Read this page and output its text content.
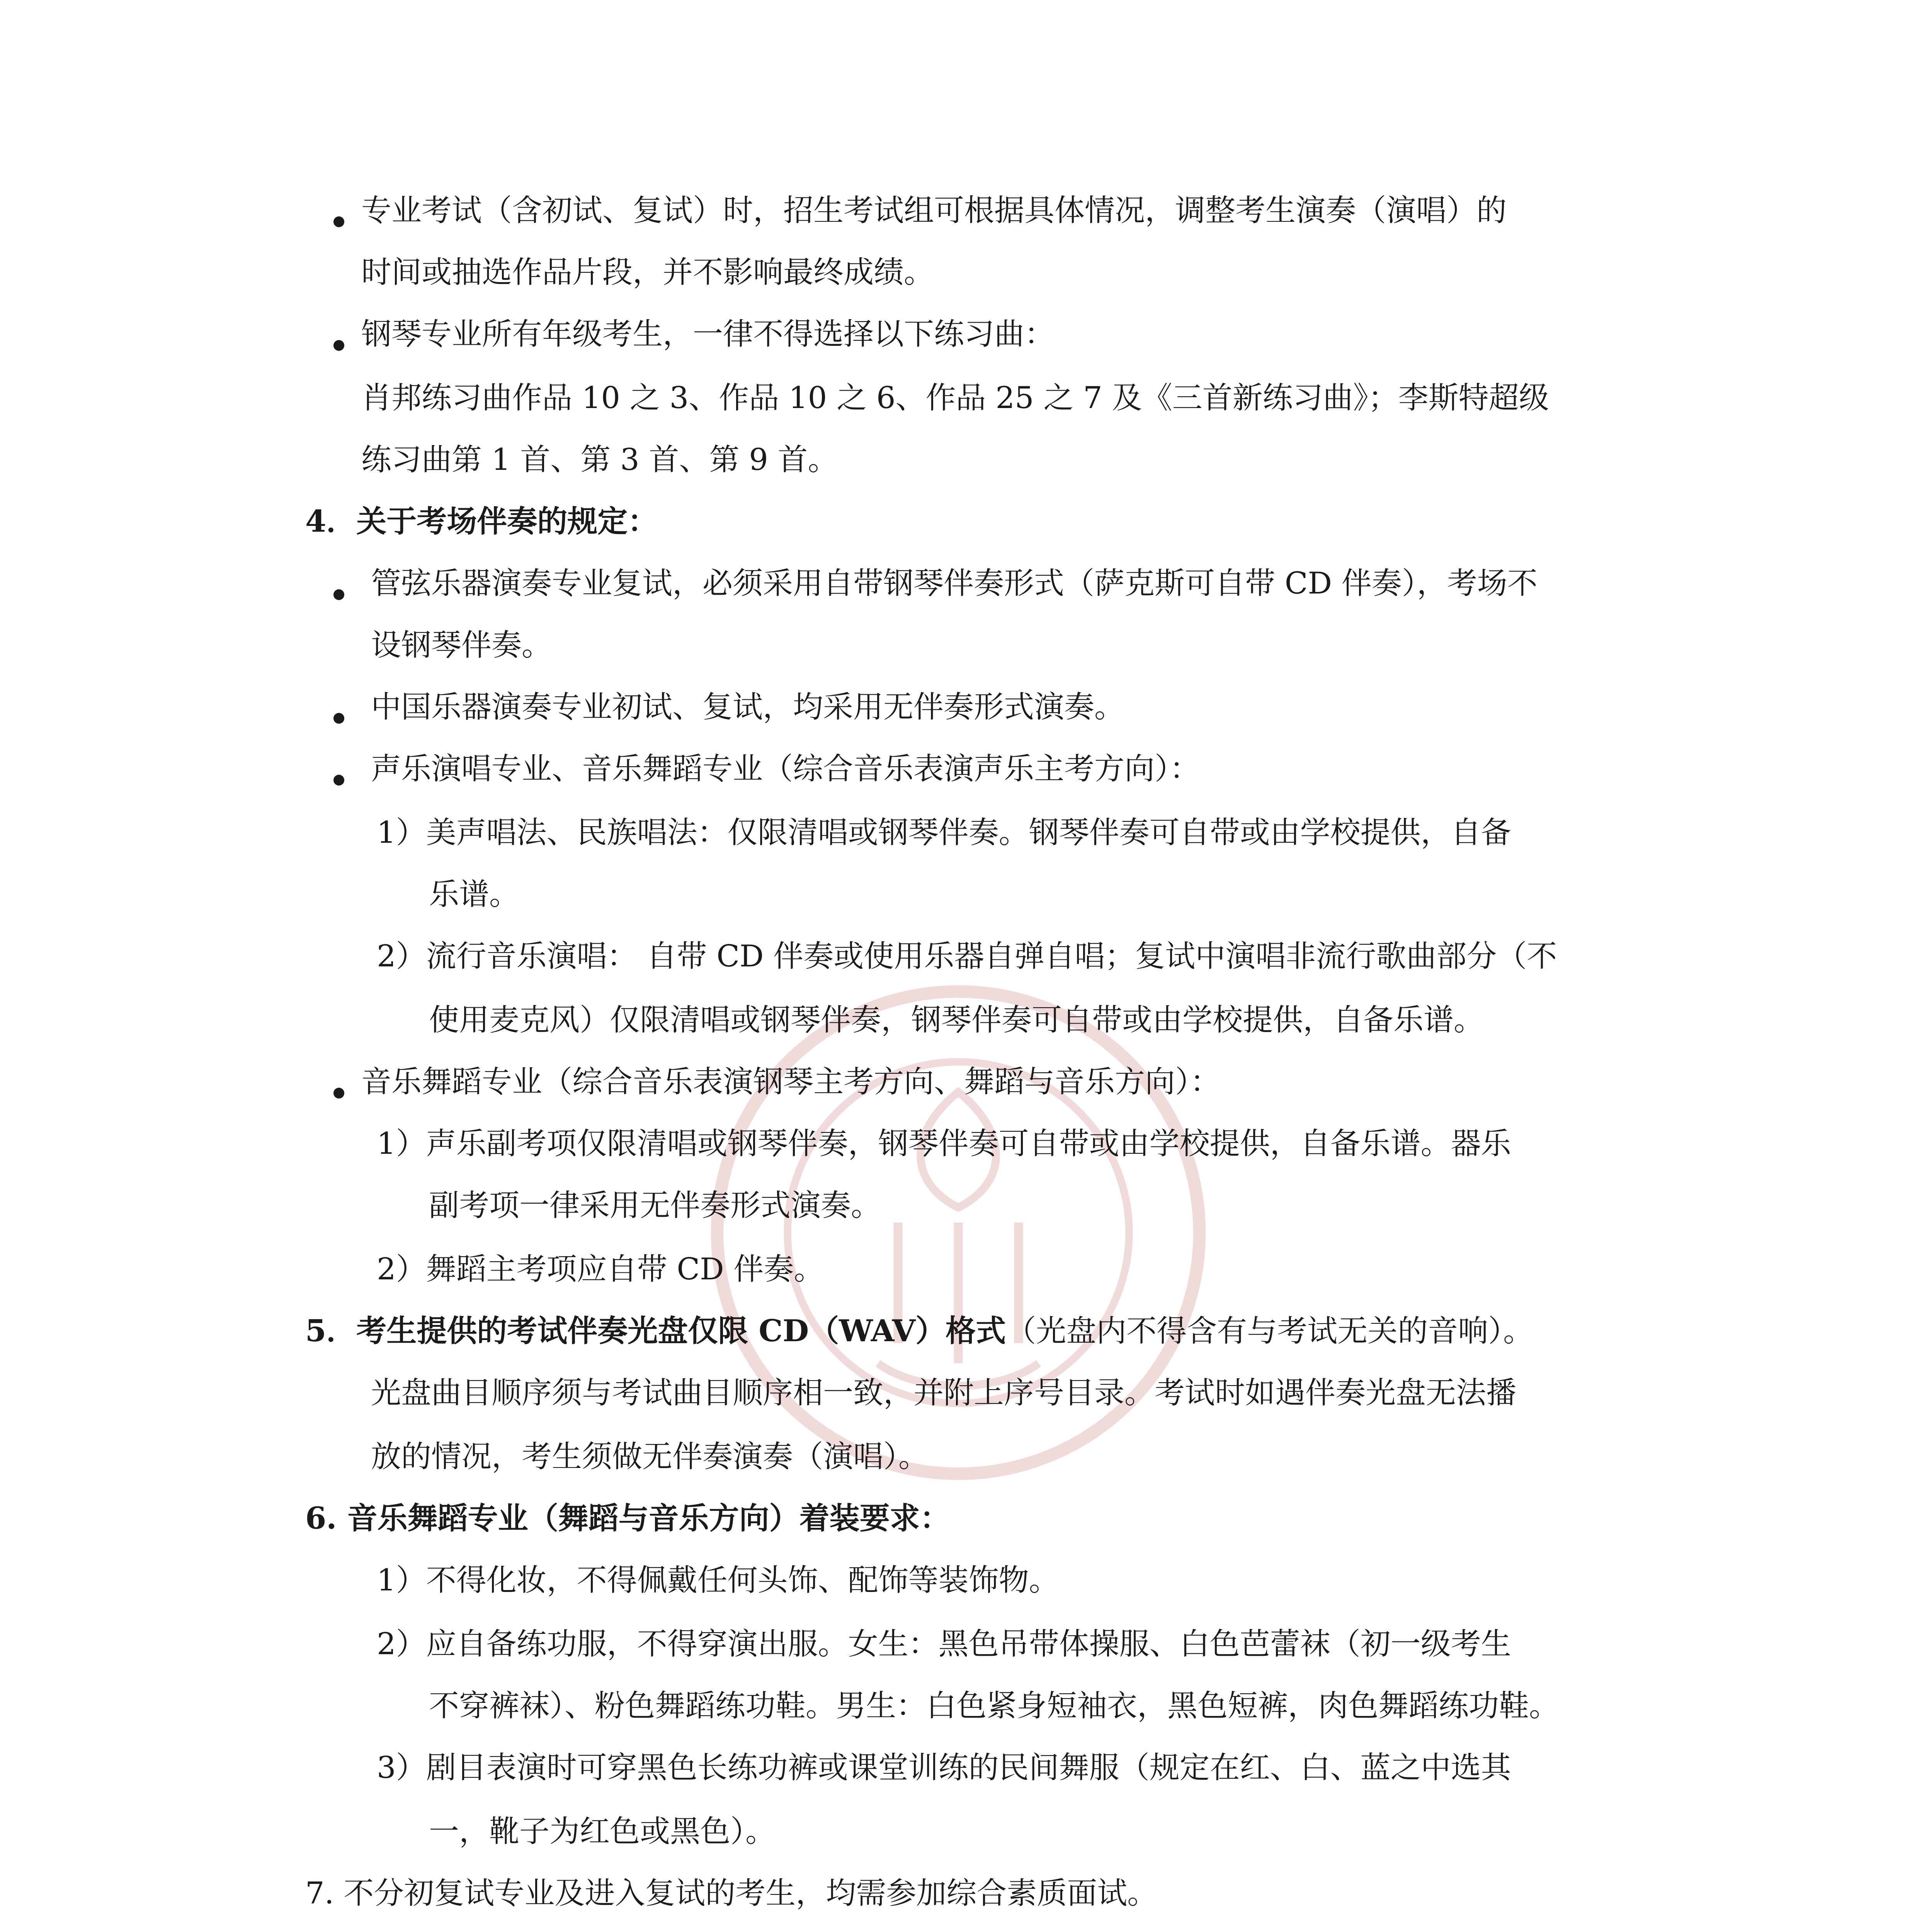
专业考试（含初试、复试）时，招生考试组可根据具体情况，调整考生演奏（演唱）的
时间或抽选作品片段，并不影响最终成绩。
钢琴专业所有年级考生，一律不得选择以下练习曲：
肖邦练习曲作品 10 之 3、作品 10 之 6、作品 25 之 7 及《三首新练习曲》；李斯特超级
练习曲第 1 首、第 3 首、第 9 首。
4．关于考场伴奏的规定：
管弦乐器演奏专业复试，必须采用自带钢琴伴奏形式（萨克斯可自带 CD 伴奏），考场不
设钢琴伴奏。
中国乐器演奏专业初试、复试，均采用无伴奏形式演奏。
声乐演唱专业、音乐舞蹈专业（综合音乐表演声乐主考方向）：
1）美声唱法、民族唱法：仅限清唱或钢琴伴奏。钢琴伴奏可自带或由学校提供，自备
乐谱。
2）流行音乐演唱： 自带 CD 伴奏或使用乐器自弹自唱；复试中演唱非流行歌曲部分（不
使用麦克风）仅限清唱或钢琴伴奏，钢琴伴奏可自带或由学校提供，自备乐谱。
音乐舞蹈专业（综合音乐表演钢琴主考方向、舞蹈与音乐方向）：
1）声乐副考项仅限清唱或钢琴伴奏，钢琴伴奏可自带或由学校提供，自备乐谱。器乐
副考项一律采用无伴奏形式演奏。
2）舞蹈主考项应自带 CD 伴奏。
5．考生提供的考试伴奏光盘仅限 CD（WAV）格式（光盘内不得含有与考试无关的音响）。
光盘曲目顺序须与考试曲目顺序相一致，并附上序号目录。考试时如遇伴奏光盘无法播
放的情况，考生须做无伴奏演奏（演唱）。
6. 音乐舞蹈专业（舞蹈与音乐方向）着装要求：
1）不得化妆，不得佩戴任何头饰、配饰等装饰物。
2）应自备练功服，不得穿演出服。女生：黑色吊带体操服、白色芭蕾袜（初一级考生
不穿裤袜）、粉色舞蹈练功鞋。男生：白色紧身短袖衣，黑色短裤，肉色舞蹈练功鞋。
3）剧目表演时可穿黑色长练功裤或课堂训练的民间舞服（规定在红、白、蓝之中选其
一，靴子为红色或黑色）。
7. 不分初复试专业及进入复试的考生，均需参加综合素质面试。
